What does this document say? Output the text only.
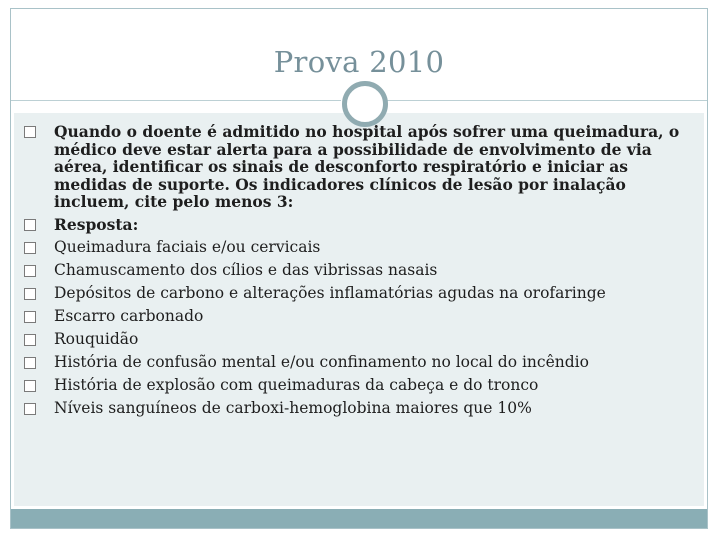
Prova 2010
Quando o doente é admitido no hospital após sofrer uma queimadura, o médico deve estar alerta para a possibilidade de envolvimento de via aérea, identificar os sinais de desconforto respiratório e iniciar as medidas de suporte. Os indicadores clínicos de lesão por inalação incluem, cite pelo menos 3:
Resposta:
Queimadura faciais e/ou cervicais
Chamuscamento dos cílios e das vibrissas nasais
Depósitos de carbono e alterações inflamatórias agudas na orofaringe
Escarro carbonado
Rouquidão
História de confusão mental e/ou confinamento no local do incêndio
História de explosão com queimaduras da cabeça e do tronco
Níveis sanguíneos de carboxi-hemoglobina maiores que 10%
